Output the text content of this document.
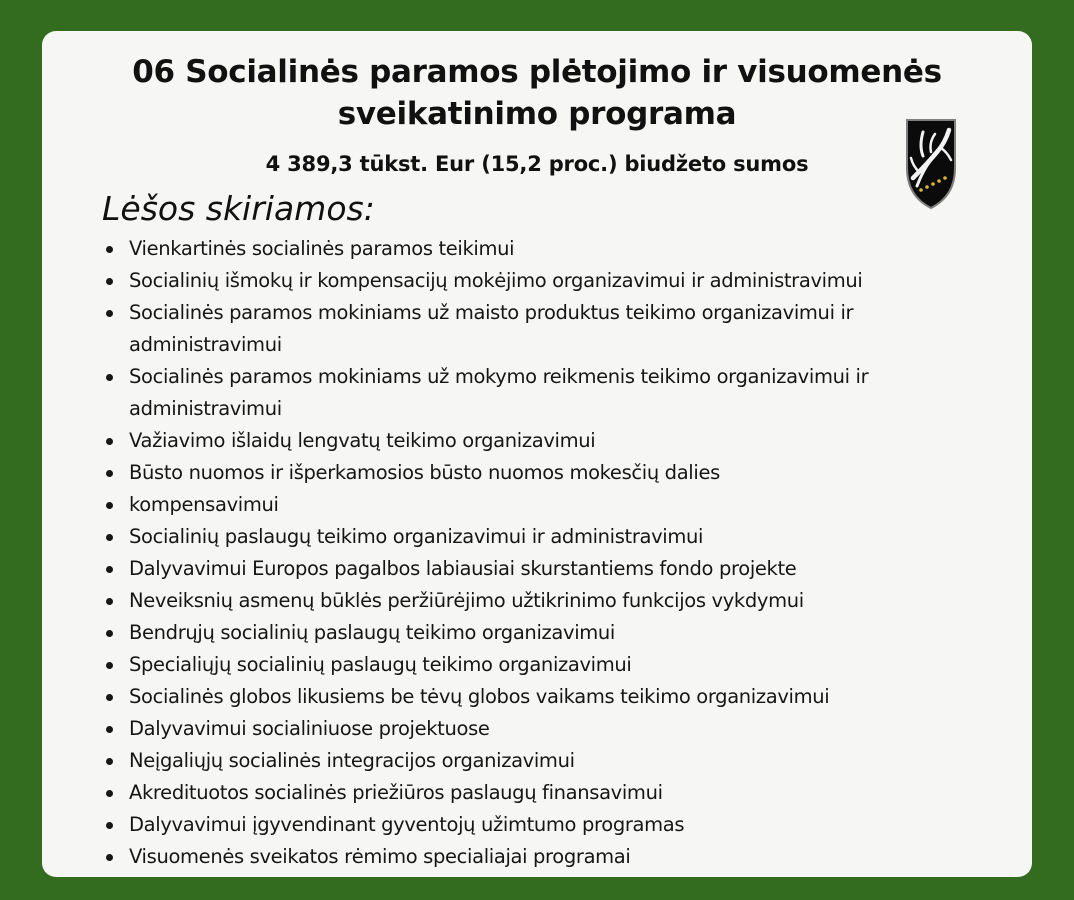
06 Socialinės paramos plėtojimo ir visuomenės sveikatinimo programa
4 389,3 tūkst. Eur (15,2 proc.) biudžeto sumos
Lėšos skiriamos:
Vienkartinės socialinės paramos teikimui
Socialinių išmokų ir kompensacijų mokėjimo organizavimui ir administravimui
Socialinės paramos mokiniams už maisto produktus teikimo organizavimui ir administravimui
Socialinės paramos mokiniams už mokymo reikmenis teikimo organizavimui ir administravimui
Važiavimo išlaidų lengvatų teikimo organizavimui
Būsto nuomos ir išperkamosios būsto nuomos mokesčių dalies
kompensavimui
Socialinių paslaugų teikimo organizavimui ir administravimui
Dalyvavimui Europos pagalbos labiausiai skurstantiems fondo projekte
Neveiksnių asmenų būklės peržiūrėjimo užtikrinimo funkcijos vykdymui
Bendrųjų socialinių paslaugų teikimo organizavimui
Specialiųjų socialinių paslaugų teikimo organizavimui
Socialinės globos likusiems be tėvų globos vaikams teikimo organizavimui
Dalyvavimui socialiniuose projektuose
Neįgaliųjų socialinės integracijos organizavimui
Akredituotos socialinės priežiūros paslaugų finansavimui
Dalyvavimui įgyvendinant gyventojų užimtumo programas
Visuomenės sveikatos rėmimo specialiajai programai
